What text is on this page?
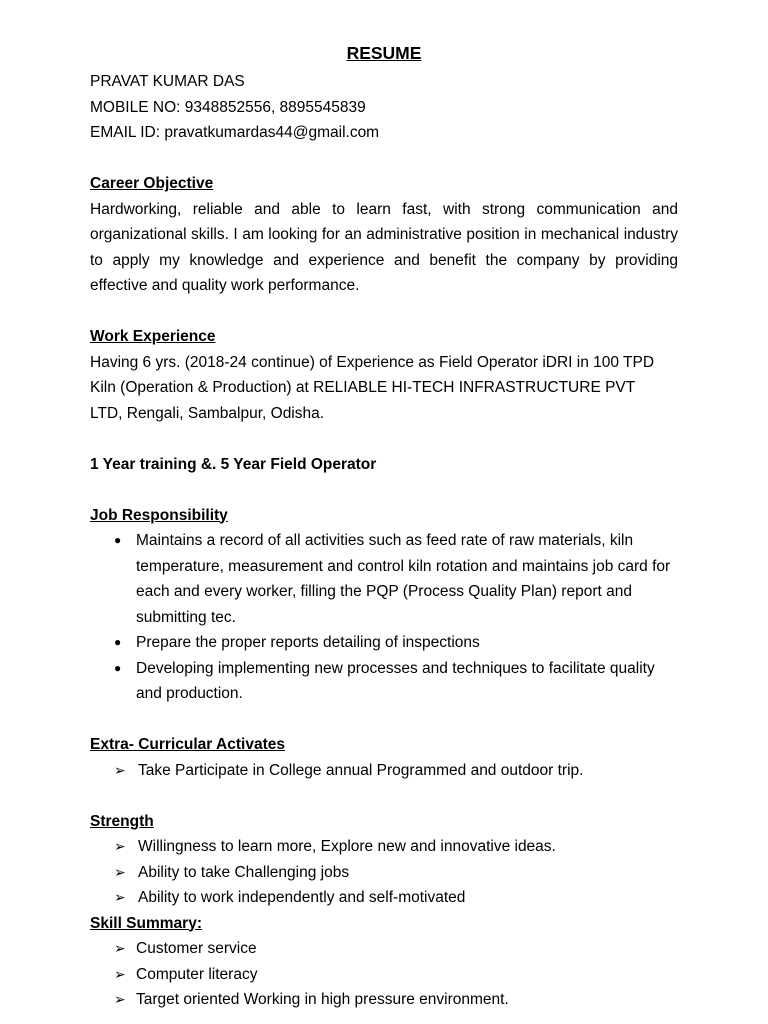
RESUME
PRAVAT KUMAR DAS
MOBILE NO: 9348852556, 8895545839
EMAIL ID: pravatkumardas44@gmail.com
Career Objective
Hardworking, reliable and able to learn fast, with strong communication and organizational skills. I am looking for an administrative position in mechanical industry to apply my knowledge and experience and benefit the company by providing effective and quality work performance.
Work Experience
Having 6 yrs. (2018-24 continue) of Experience as Field Operator iDRI in 100 TPD Kiln (Operation & Production) at RELIABLE HI-TECH INFRASTRUCTURE PVT LTD, Rengali, Sambalpur, Odisha.
1 Year training &. 5 Year Field Operator
Job Responsibility
● Maintains a record of all activities such as feed rate of raw materials, kiln temperature, measurement and control kiln rotation and maintains job card for each and every worker, filling the PQP (Process Quality Plan) report and submitting tec.
● Prepare the proper reports detailing of inspections
● Developing implementing new processes and techniques to facilitate quality and production.
Extra- Curricular Activates
➢ Take Participate in College annual Programmed and outdoor trip.
Strength
➢ Willingness to learn more, Explore new and innovative ideas.
➢ Ability to take Challenging jobs
➢ Ability to work independently and self-motivated
Skill Summary:
➢ Customer service
➢ Computer literacy
➢ Target oriented Working in high pressure environment.
